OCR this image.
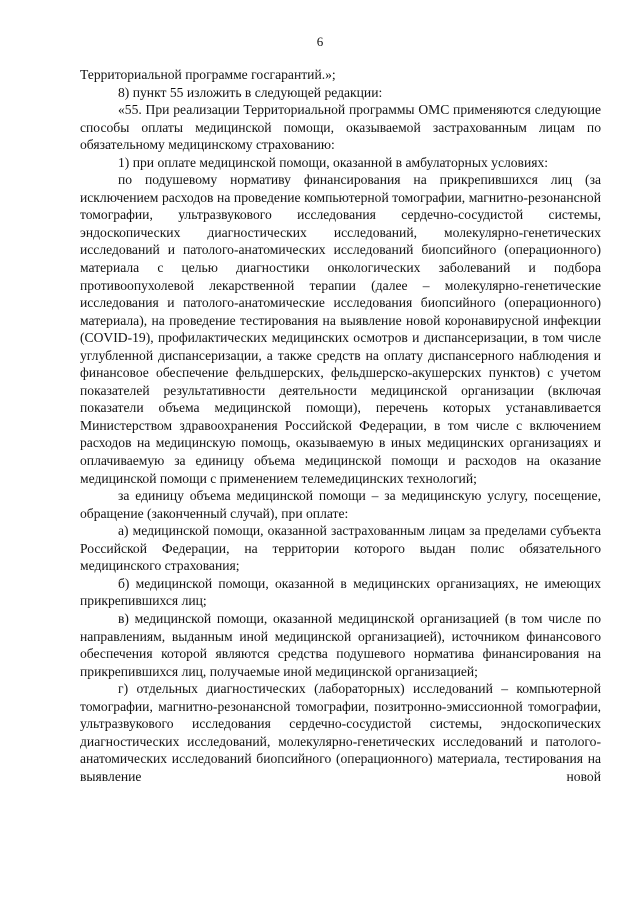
6

Территориальной программе госгарантий.»;

8) пункт 55 изложить в следующей редакции:

«55. При реализации Территориальной программы ОМС применяются следующие способы оплаты медицинской помощи, оказываемой застрахованным лицам по обязательному медицинскому страхованию:

1) при оплате медицинской помощи, оказанной в амбулаторных условиях:

по подушевому нормативу финансирования на прикрепившихся лиц (за исключением расходов на проведение компьютерной томографии, магнитно-резонансной томографии, ультразвукового исследования сердечно-сосудистой системы, эндоскопических диагностических исследований, молекулярно-генетических исследований и патолого-анатомических исследований биопсийного (операционного) материала с целью диагностики онкологических заболеваний и подбора противоопухолевой лекарственной терапии (далее – молекулярно-генетические исследования и патолого-анатомические исследования биопсийного (операционного) материала), на проведение тестирования на выявление новой коронавирусной инфекции (COVID-19), профилактических медицинских осмотров и диспансеризации, в том числе углубленной диспансеризации, а также средств на оплату диспансерного наблюдения и финансовое обеспечение фельдшерских, фельдшерско-акушерских пунктов) с учетом показателей результативности деятельности медицинской организации (включая показатели объема медицинской помощи), перечень которых устанавливается Министерством здравоохранения Российской Федерации, в том числе с включением расходов на медицинскую помощь, оказываемую в иных медицинских организациях и оплачиваемую за единицу объема медицинской помощи и расходов на оказание медицинской помощи с применением телемедицинских технологий;

за единицу объема медицинской помощи – за медицинскую услугу, посещение, обращение (законченный случай), при оплате:

а) медицинской помощи, оказанной застрахованным лицам за пределами субъекта Российской Федерации, на территории которого выдан полис обязательного медицинского страхования;

б) медицинской помощи, оказанной в медицинских организациях, не имеющих прикрепившихся лиц;

в) медицинской помощи, оказанной медицинской организацией (в том числе по направлениям, выданным иной медицинской организацией), источником финансового обеспечения которой являются средства подушевого норматива финансирования на прикрепившихся лиц, получаемые иной медицинской организацией;

г) отдельных диагностических (лабораторных) исследований – компьютерной томографии, магнитно-резонансной томографии, позитронно-эмиссионной томографии, ультразвукового исследования сердечно-сосудистой системы, эндоскопических диагностических исследований, молекулярно-генетических исследований и патолого-анатомических исследований биопсийного (операционного) материала, тестирования на выявление новой
